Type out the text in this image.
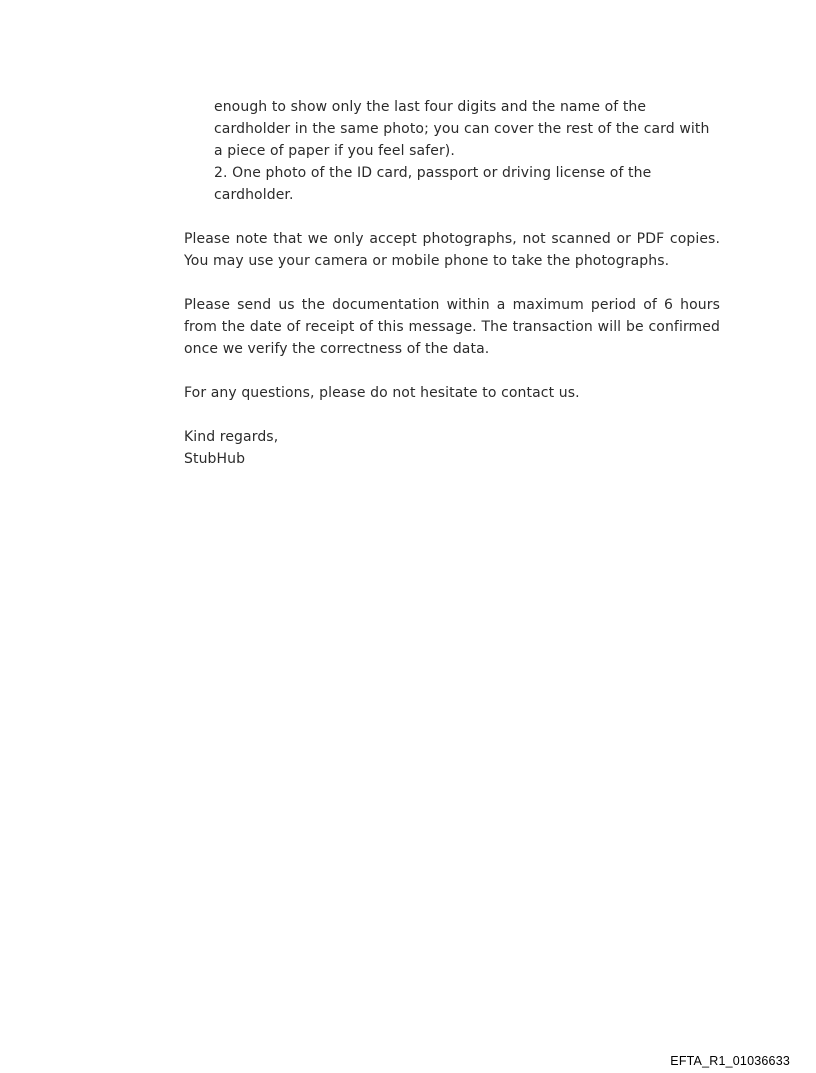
enough to show only the last four digits and the name of the cardholder in the same photo; you can cover the rest of the card with a piece of paper if you feel safer).

2. One photo of the ID card, passport or driving license of the cardholder.

Please note that we only accept photographs, not scanned or PDF copies. You may use your camera or mobile phone to take the photographs.

Please send us the documentation within a maximum period of 6 hours from the date of receipt of this message. The transaction will be confirmed once we verify the correctness of the data.

For any questions, please do not hesitate to contact us.

Kind regards,

StubHub

EFTA_R1_01036633
